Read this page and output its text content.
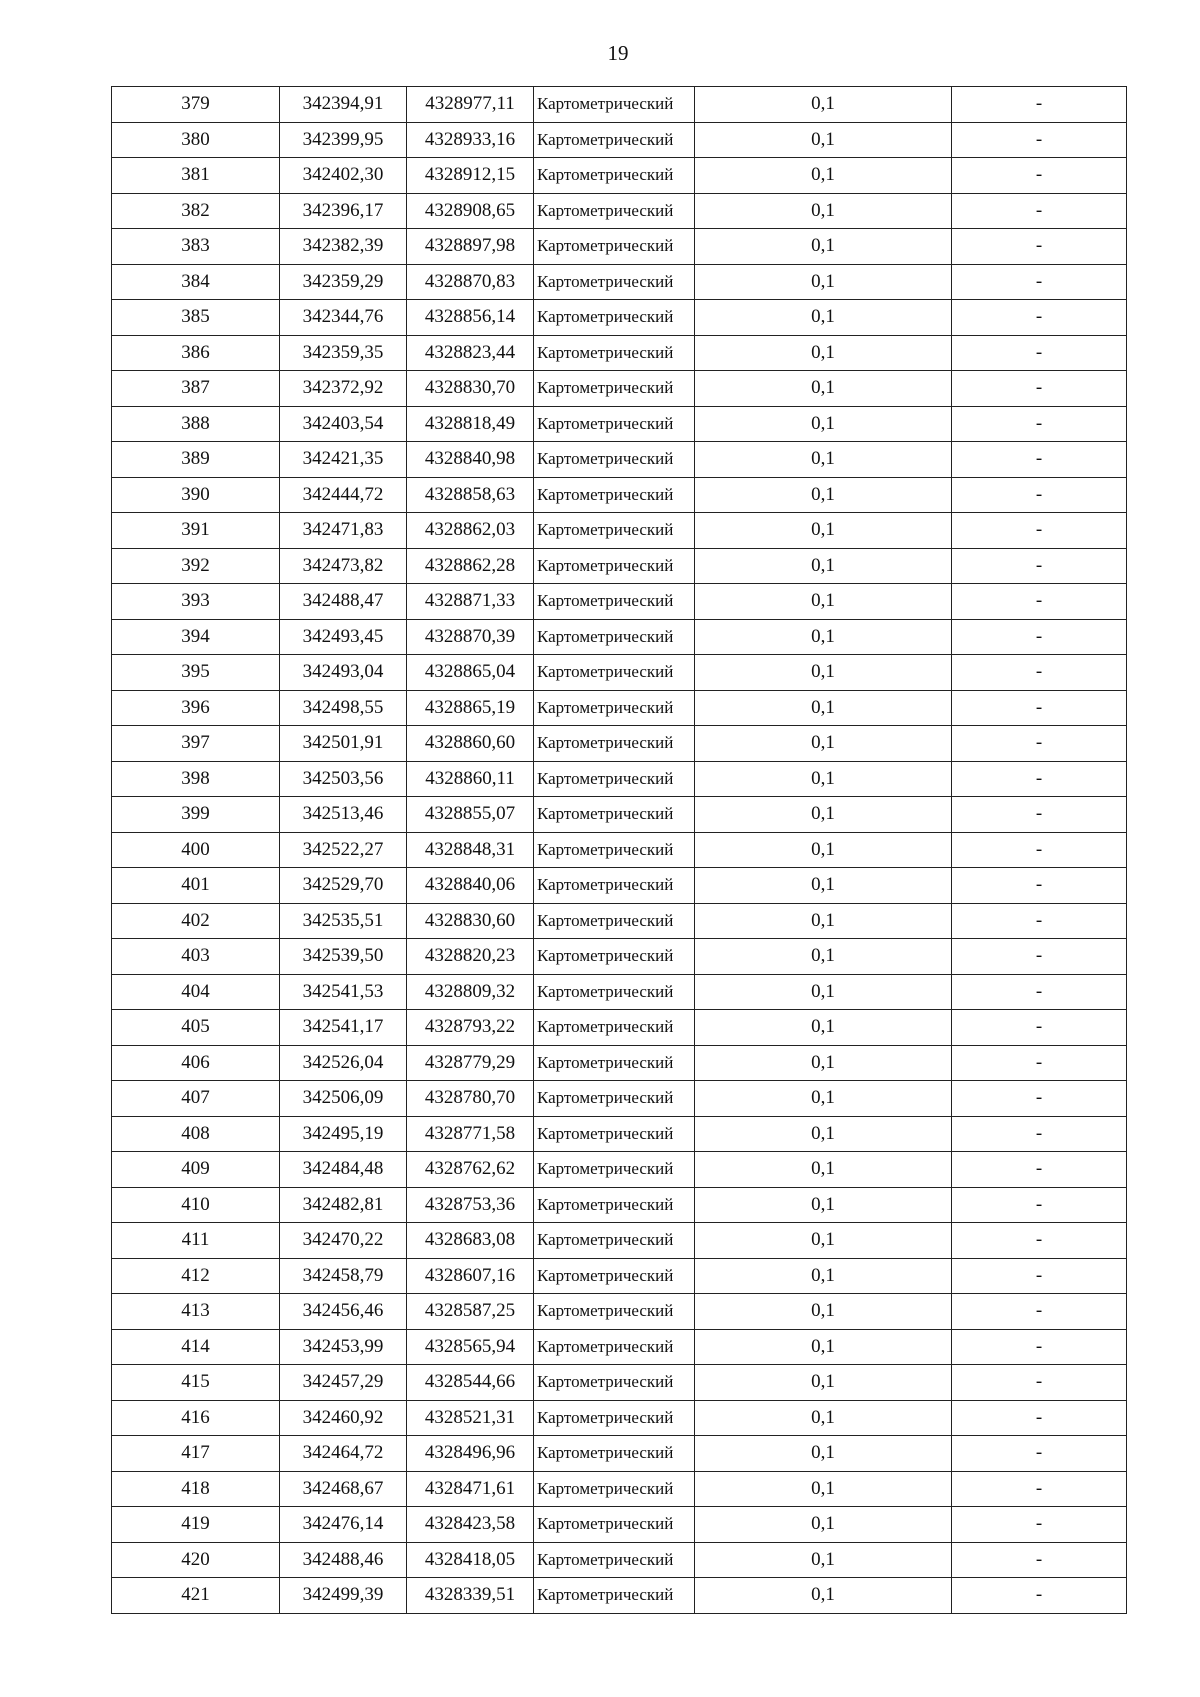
19
379	342394,91	4328977,11	Картометрический	0,1	-
380	342399,95	4328933,16	Картометрический	0,1	-
381	342402,30	4328912,15	Картометрический	0,1	-
382	342396,17	4328908,65	Картометрический	0,1	-
383	342382,39	4328897,98	Картометрический	0,1	-
384	342359,29	4328870,83	Картометрический	0,1	-
385	342344,76	4328856,14	Картометрический	0,1	-
386	342359,35	4328823,44	Картометрический	0,1	-
387	342372,92	4328830,70	Картометрический	0,1	-
388	342403,54	4328818,49	Картометрический	0,1	-
389	342421,35	4328840,98	Картометрический	0,1	-
390	342444,72	4328858,63	Картометрический	0,1	-
391	342471,83	4328862,03	Картометрический	0,1	-
392	342473,82	4328862,28	Картометрический	0,1	-
393	342488,47	4328871,33	Картометрический	0,1	-
394	342493,45	4328870,39	Картометрический	0,1	-
395	342493,04	4328865,04	Картометрический	0,1	-
396	342498,55	4328865,19	Картометрический	0,1	-
397	342501,91	4328860,60	Картометрический	0,1	-
398	342503,56	4328860,11	Картометрический	0,1	-
399	342513,46	4328855,07	Картометрический	0,1	-
400	342522,27	4328848,31	Картометрический	0,1	-
401	342529,70	4328840,06	Картометрический	0,1	-
402	342535,51	4328830,60	Картометрический	0,1	-
403	342539,50	4328820,23	Картометрический	0,1	-
404	342541,53	4328809,32	Картометрический	0,1	-
405	342541,17	4328793,22	Картометрический	0,1	-
406	342526,04	4328779,29	Картометрический	0,1	-
407	342506,09	4328780,70	Картометрический	0,1	-
408	342495,19	4328771,58	Картометрический	0,1	-
409	342484,48	4328762,62	Картометрический	0,1	-
410	342482,81	4328753,36	Картометрический	0,1	-
411	342470,22	4328683,08	Картометрический	0,1	-
412	342458,79	4328607,16	Картометрический	0,1	-
413	342456,46	4328587,25	Картометрический	0,1	-
414	342453,99	4328565,94	Картометрический	0,1	-
415	342457,29	4328544,66	Картометрический	0,1	-
416	342460,92	4328521,31	Картометрический	0,1	-
417	342464,72	4328496,96	Картометрический	0,1	-
418	342468,67	4328471,61	Картометрический	0,1	-
419	342476,14	4328423,58	Картометрический	0,1	-
420	342488,46	4328418,05	Картометрический	0,1	-
421	342499,39	4328339,51	Картометрический	0,1	-
